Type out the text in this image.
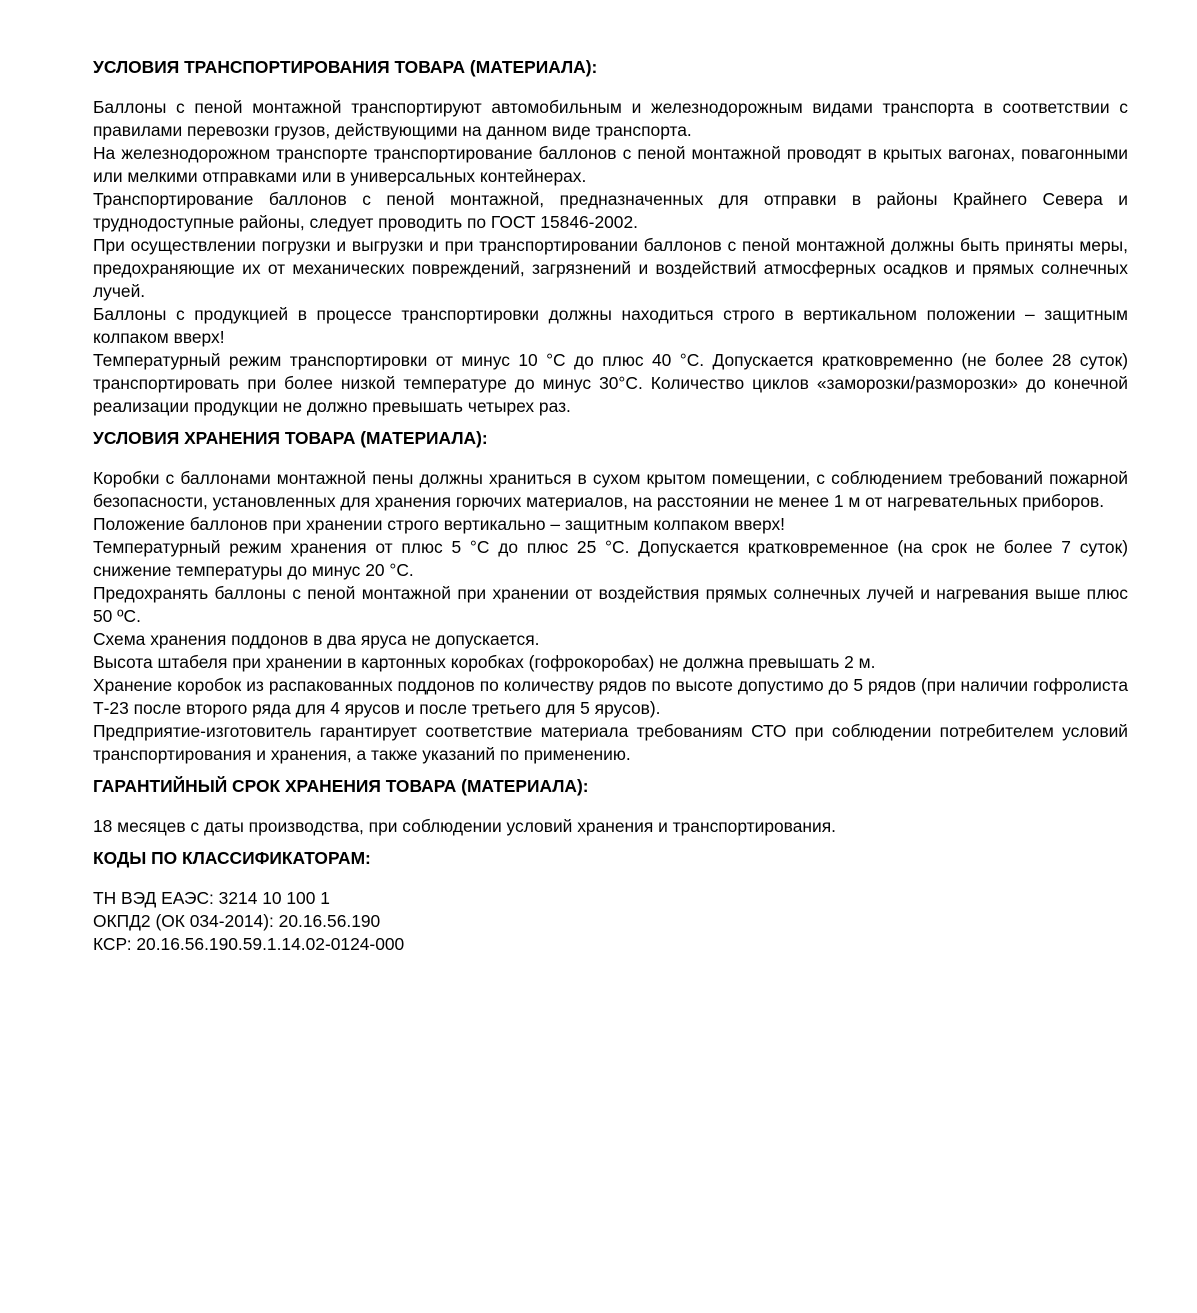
УСЛОВИЯ ТРАНСПОРТИРОВАНИЯ ТОВАРА (МАТЕРИАЛА):

Баллоны с пеной монтажной транспортируют автомобильным и железнодорожным видами транспорта в соответствии с правилами перевозки грузов, действующими на данном виде транспорта.

На железнодорожном транспорте транспортирование баллонов с пеной монтажной проводят в крытых вагонах, повагонными или мелкими отправками или в универсальных контейнерах.

Транспортирование баллонов с пеной монтажной, предназначенных для отправки в районы Крайнего Севера и труднодоступные районы, следует проводить по ГОСТ 15846-2002.

При осуществлении погрузки и выгрузки и при транспортировании баллонов с пеной монтажной должны быть приняты меры, предохраняющие их от механических повреждений, загрязнений и воздействий атмосферных осадков и прямых солнечных лучей.

Баллоны с продукцией в процессе транспортировки должны находиться строго в вертикальном положении – защитным колпаком вверх!

Температурный режим транспортировки от минус 10 °С до плюс 40 °С. Допускается кратковременно (не более 28 суток) транспортировать при более низкой температуре до минус 30°С. Количество циклов «заморозки/разморозки» до конечной реализации продукции не должно превышать четырех раз.

УСЛОВИЯ ХРАНЕНИЯ ТОВАРА (МАТЕРИАЛА):

Коробки с баллонами монтажной пены должны храниться в сухом крытом помещении, с соблюдением требований пожарной безопасности, установленных для хранения горючих материалов, на расстоянии не менее 1 м от нагревательных приборов.

Положение баллонов при хранении строго вертикально – защитным колпаком вверх!

Температурный режим хранения от плюс 5 °С до плюс 25 °С. Допускается кратковременное (на срок не более 7 суток) снижение температуры до минус 20 °С.

Предохранять баллоны с пеной монтажной при хранении от воздействия прямых солнечных лучей и нагревания выше плюс 50 ºС.

Схема хранения поддонов в два яруса не допускается.

Высота штабеля при хранении в картонных коробках (гофрокоробах) не должна превышать 2 м.

Хранение коробок из распакованных поддонов по количеству рядов по высоте допустимо до 5 рядов (при наличии гофролиста Т-23 после второго ряда для 4 ярусов и после третьего для 5 ярусов).

Предприятие-изготовитель гарантирует соответствие материала требованиям СТО при соблюдении потребителем условий транспортирования и хранения, а также указаний по применению.

ГАРАНТИЙНЫЙ СРОК ХРАНЕНИЯ ТОВАРА (МАТЕРИАЛА):

18 месяцев с даты производства, при соблюдении условий хранения и транспортирования.

КОДЫ ПО КЛАССИФИКАТОРАМ:

ТН ВЭД ЕАЭС: 3214 10 100 1

ОКПД2 (ОК 034-2014): 20.16.56.190

КСР: 20.16.56.190.59.1.14.02-0124-000
